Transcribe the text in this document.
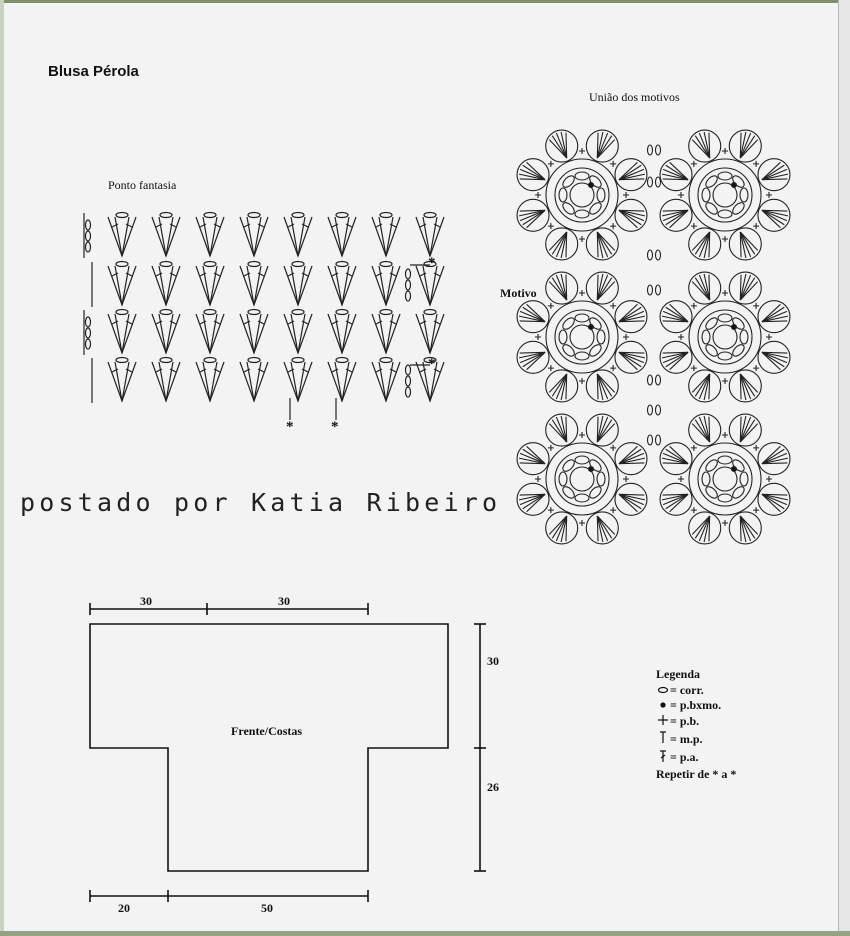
Blusa Pérola
Ponto fantasia
*
*
*	*
União dos motivos
Motivo
postado por Katia Ribeiro
30	30
30
26
20	50
Frente/Costas
Legenda
= corr.
= p.bxmo.
= p.b.
= m.p.
= p.a.
Repetir de * a *
